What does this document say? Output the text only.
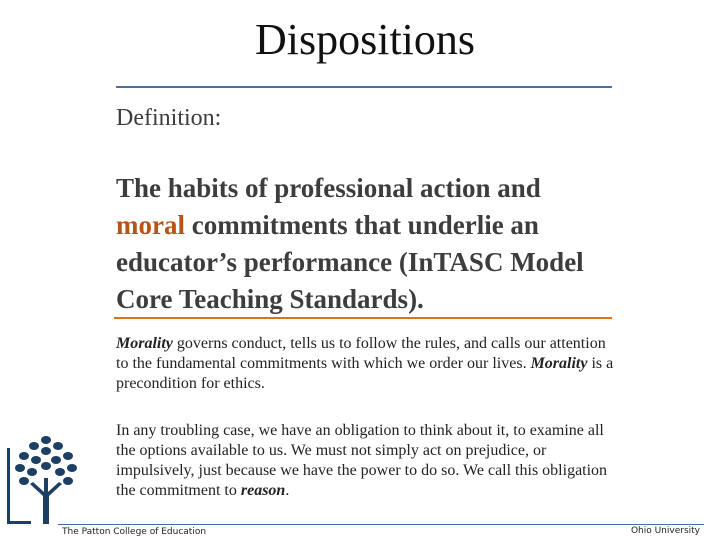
Dispositions
Definition:
The habits of professional action and moral commitments that underlie an educator’s performance (InTASC Model Core Teaching Standards).
Morality governs conduct, tells us to follow the rules, and calls our attention to the fundamental commitments with which we order our lives. Morality is a precondition for ethics.
In any troubling case, we have an obligation to think about it, to examine all the options available to us. We must not simply act on prejudice, or impulsively, just because we have the power to do so. We call this obligation the commitment to reason.
The Patton College of Education	Ohio University
